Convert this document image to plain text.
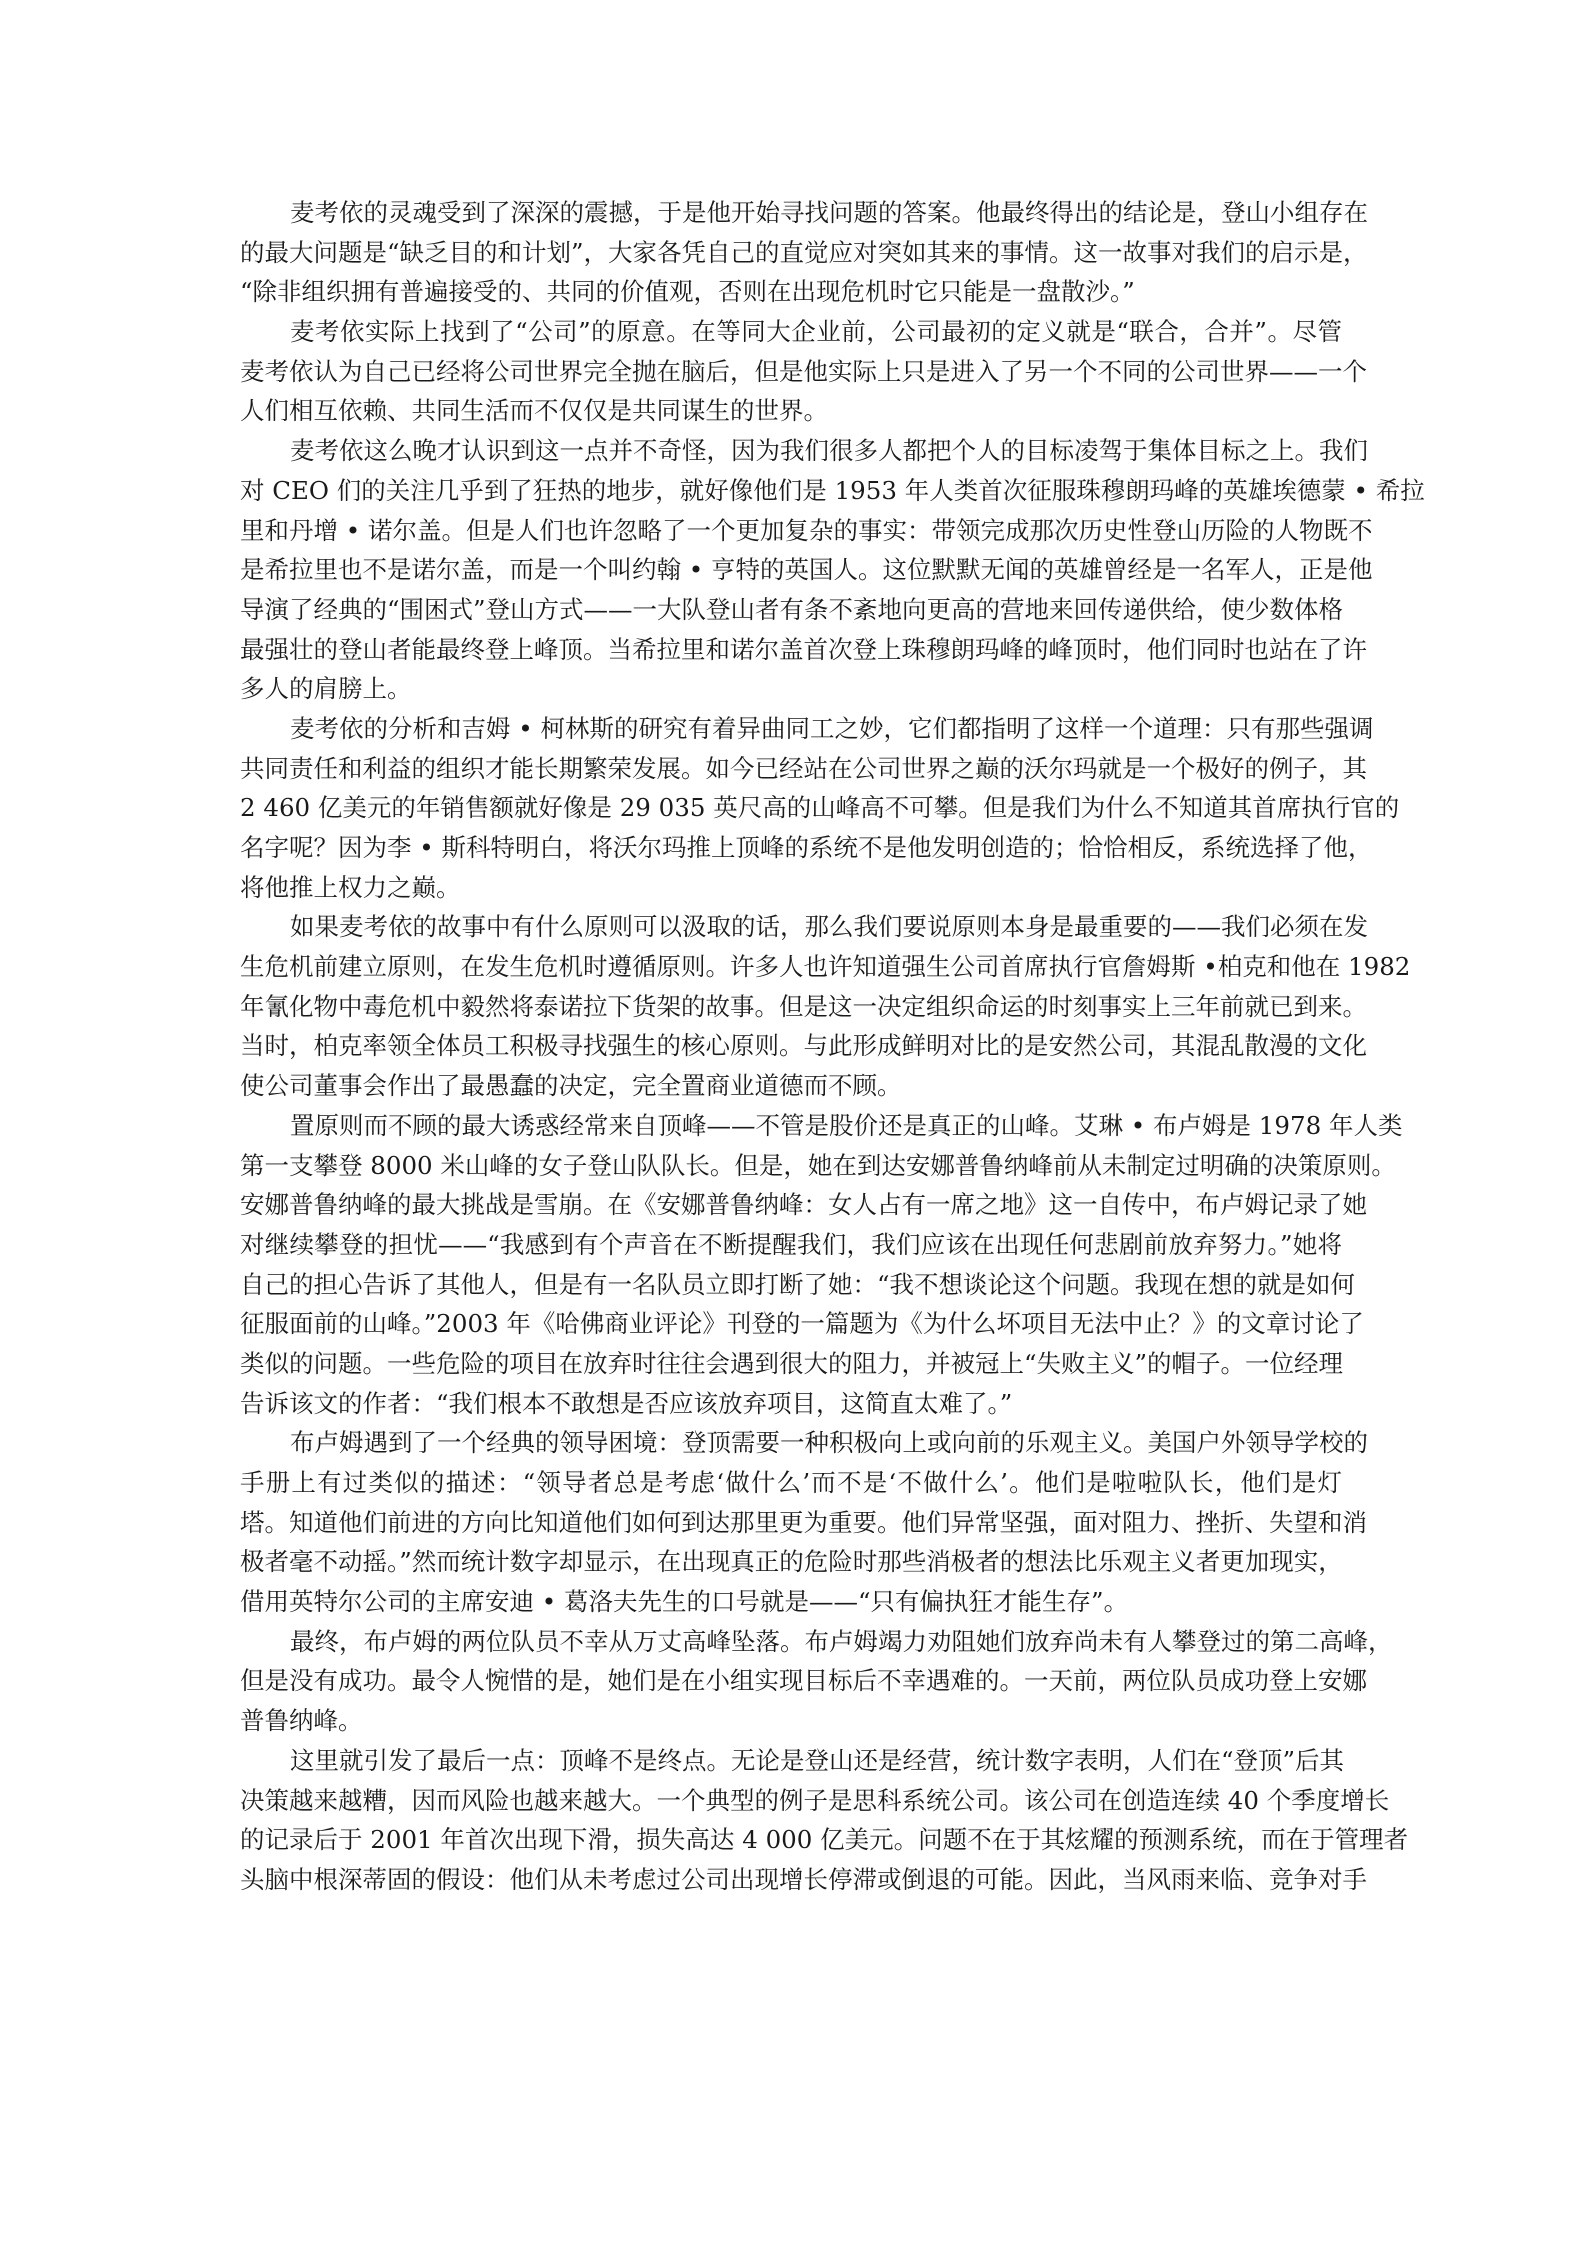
麦考依的灵魂受到了深深的震撼，于是他开始寻找问题的答案。他最终得出的结论是，登山小组存在
的最大问题是“缺乏目的和计划”，大家各凭自己的直觉应对突如其来的事情。这一故事对我们的启示是，
“除非组织拥有普遍接受的、共同的价值观，否则在出现危机时它只能是一盘散沙。”
麦考依实际上找到了“公司”的原意。在等同大企业前，公司最初的定义就是“联合，合并”。尽管
麦考依认为自己已经将公司世界完全抛在脑后，但是他实际上只是进入了另一个不同的公司世界——一个
人们相互依赖、共同生活而不仅仅是共同谋生的世界。
麦考依这么晚才认识到这一点并不奇怪，因为我们很多人都把个人的目标凌驾于集体目标之上。我们
对 CEO 们的关注几乎到了狂热的地步，就好像他们是 1953 年人类首次征服珠穆朗玛峰的英雄埃德蒙 • 希拉
里和丹增 • 诺尔盖。但是人们也许忽略了一个更加复杂的事实：带领完成那次历史性登山历险的人物既不
是希拉里也不是诺尔盖，而是一个叫约翰 • 亨特的英国人。这位默默无闻的英雄曾经是一名军人，正是他
导演了经典的“围困式”登山方式——一大队登山者有条不紊地向更高的营地来回传递供给，使少数体格
最强壮的登山者能最终登上峰顶。当希拉里和诺尔盖首次登上珠穆朗玛峰的峰顶时，他们同时也站在了许
多人的肩膀上。
麦考依的分析和吉姆 • 柯林斯的研究有着异曲同工之妙，它们都指明了这样一个道理：只有那些强调
共同责任和利益的组织才能长期繁荣发展。如今已经站在公司世界之巅的沃尔玛就是一个极好的例子，其
2 460 亿美元的年销售额就好像是 29 035 英尺高的山峰高不可攀。但是我们为什么不知道其首席执行官的
名字呢？因为李 • 斯科特明白，将沃尔玛推上顶峰的系统不是他发明创造的；恰恰相反，系统选择了他，
将他推上权力之巅。
如果麦考依的故事中有什么原则可以汲取的话，那么我们要说原则本身是最重要的——我们必须在发
生危机前建立原则，在发生危机时遵循原则。许多人也许知道强生公司首席执行官詹姆斯 •柏克和他在 1982
年氰化物中毒危机中毅然将泰诺拉下货架的故事。但是这一决定组织命运的时刻事实上三年前就已到来。
当时，柏克率领全体员工积极寻找强生的核心原则。与此形成鲜明对比的是安然公司，其混乱散漫的文化
使公司董事会作出了最愚蠢的决定，完全置商业道德而不顾。
置原则而不顾的最大诱惑经常来自顶峰——不管是股价还是真正的山峰。艾琳 • 布卢姆是 1978 年人类
第一支攀登 8000 米山峰的女子登山队队长。但是，她在到达安娜普鲁纳峰前从未制定过明确的决策原则。
安娜普鲁纳峰的最大挑战是雪崩。在《安娜普鲁纳峰：女人占有一席之地》这一自传中，布卢姆记录了她
对继续攀登的担忧——“我感到有个声音在不断提醒我们，我们应该在出现任何悲剧前放弃努力。”她将
自己的担心告诉了其他人，但是有一名队员立即打断了她：“我不想谈论这个问题。我现在想的就是如何
征服面前的山峰。”2003 年《哈佛商业评论》刊登的一篇题为《为什么坏项目无法中止？》的文章讨论了
类似的问题。一些危险的项目在放弃时往往会遇到很大的阻力，并被冠上“失败主义”的帽子。一位经理
告诉该文的作者：“我们根本不敢想是否应该放弃项目，这简直太难了。”
布卢姆遇到了一个经典的领导困境：登顶需要一种积极向上或向前的乐观主义。美国户外领导学校的
手册上有过类似的描述：“领导者总是考虑‘做什么’而不是‘不做什么’。他们是啦啦队长，他们是灯
塔。知道他们前进的方向比知道他们如何到达那里更为重要。他们异常坚强，面对阻力、挫折、失望和消
极者毫不动摇。”然而统计数字却显示，在出现真正的危险时那些消极者的想法比乐观主义者更加现实，
借用英特尔公司的主席安迪 • 葛洛夫先生的口号就是——“只有偏执狂才能生存”。
最终，布卢姆的两位队员不幸从万丈高峰坠落。布卢姆竭力劝阻她们放弃尚未有人攀登过的第二高峰，
但是没有成功。最令人惋惜的是，她们是在小组实现目标后不幸遇难的。一天前，两位队员成功登上安娜
普鲁纳峰。
这里就引发了最后一点：顶峰不是终点。无论是登山还是经营，统计数字表明，人们在“登顶”后其
决策越来越糟，因而风险也越来越大。一个典型的例子是思科系统公司。该公司在创造连续 40 个季度增长
的记录后于 2001 年首次出现下滑，损失高达 4 000 亿美元。问题不在于其炫耀的预测系统，而在于管理者
头脑中根深蒂固的假设：他们从未考虑过公司出现增长停滞或倒退的可能。因此，当风雨来临、竞争对手
